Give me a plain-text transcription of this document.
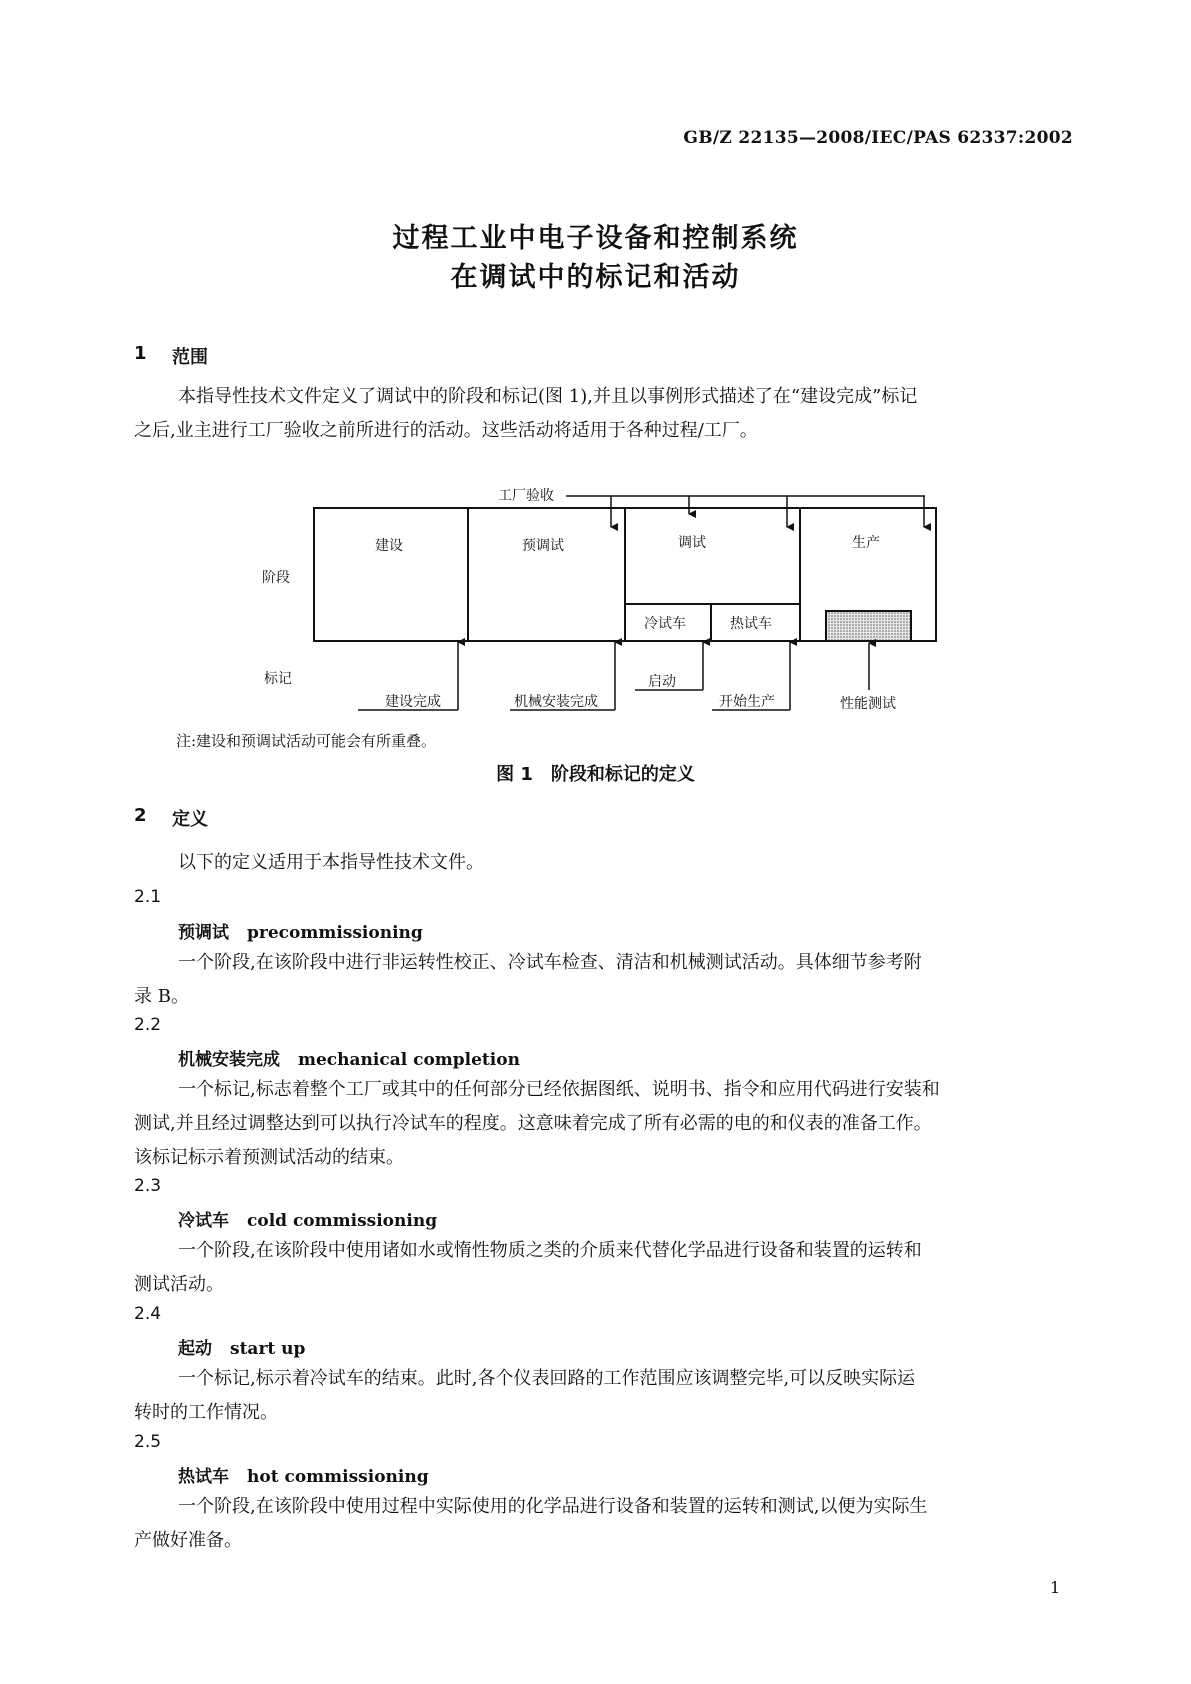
GB/Z 22135—2008/IEC/PAS 62337:2002
过程工业中电子设备和控制系统
在调试中的标记和活动
1 范围
本指导性技术文件定义了调试中的阶段和标记(图 1),并且以事例形式描述了在“建设完成”标记
之后,业主进行工厂验收之前所进行的活动。这些活动将适用于各种过程/工厂。
工厂验收
建设	预调试	调试	生产
冷试车	热试车
阶段
标记
建设完成	机械安装完成
启动
开始生产	性能测试
注:建设和预调试活动可能会有所重叠。
图 1　阶段和标记的定义
2 定义
以下的定义适用于本指导性技术文件。
2.1
预调试 precommissioning
一个阶段,在该阶段中进行非运转性校正、冷试车检查、清洁和机械测试活动。具体细节参考附
录 B。
2.2
机械安装完成 mechanical completion
一个标记,标志着整个工厂或其中的任何部分已经依据图纸、说明书、指令和应用代码进行安装和
测试,并且经过调整达到可以执行冷试车的程度。这意味着完成了所有必需的电的和仪表的准备工作。
该标记标示着预测试活动的结束。
2.3
冷试车 cold commissioning
一个阶段,在该阶段中使用诸如水或惰性物质之类的介质来代替化学品进行设备和装置的运转和
测试活动。
2.4
起动 start up
一个标记,标示着冷试车的结束。此时,各个仪表回路的工作范围应该调整完毕,可以反映实际运
转时的工作情况。
2.5
热试车 hot commissioning
一个阶段,在该阶段中使用过程中实际使用的化学品进行设备和装置的运转和测试,以便为实际生
产做好准备。
1
